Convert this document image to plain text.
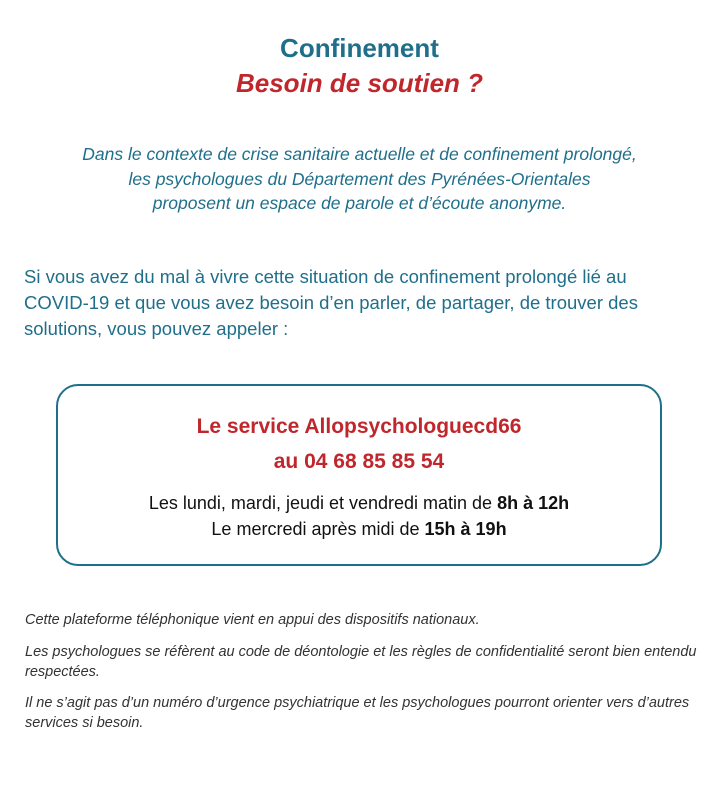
Confinement
Besoin de soutien ?
Dans le contexte de crise sanitaire actuelle et de confinement prolongé,
les psychologues du Département des Pyrénées-Orientales
proposent un espace de parole et d’écoute anonyme.
Si vous avez du mal à vivre cette situation de confinement prolongé lié au
COVID-19 et que vous avez besoin d’en parler, de partager, de trouver des
solutions, vous pouvez appeler :
Le service Allopsychologuecd66
au 04 68 85 85 54
Les lundi, mardi, jeudi et vendredi matin de 8h à 12h
Le mercredi après midi de 15h à 19h

Cette plateforme téléphonique vient en appui des dispositifs nationaux.

Les psychologues se réfèrent au code de déontologie et les règles de confidentialité seront bien entendu respectées.

Il ne s’agit pas d’un numéro d’urgence psychiatrique et les psychologues pourront orienter vers d’autres services si besoin.
